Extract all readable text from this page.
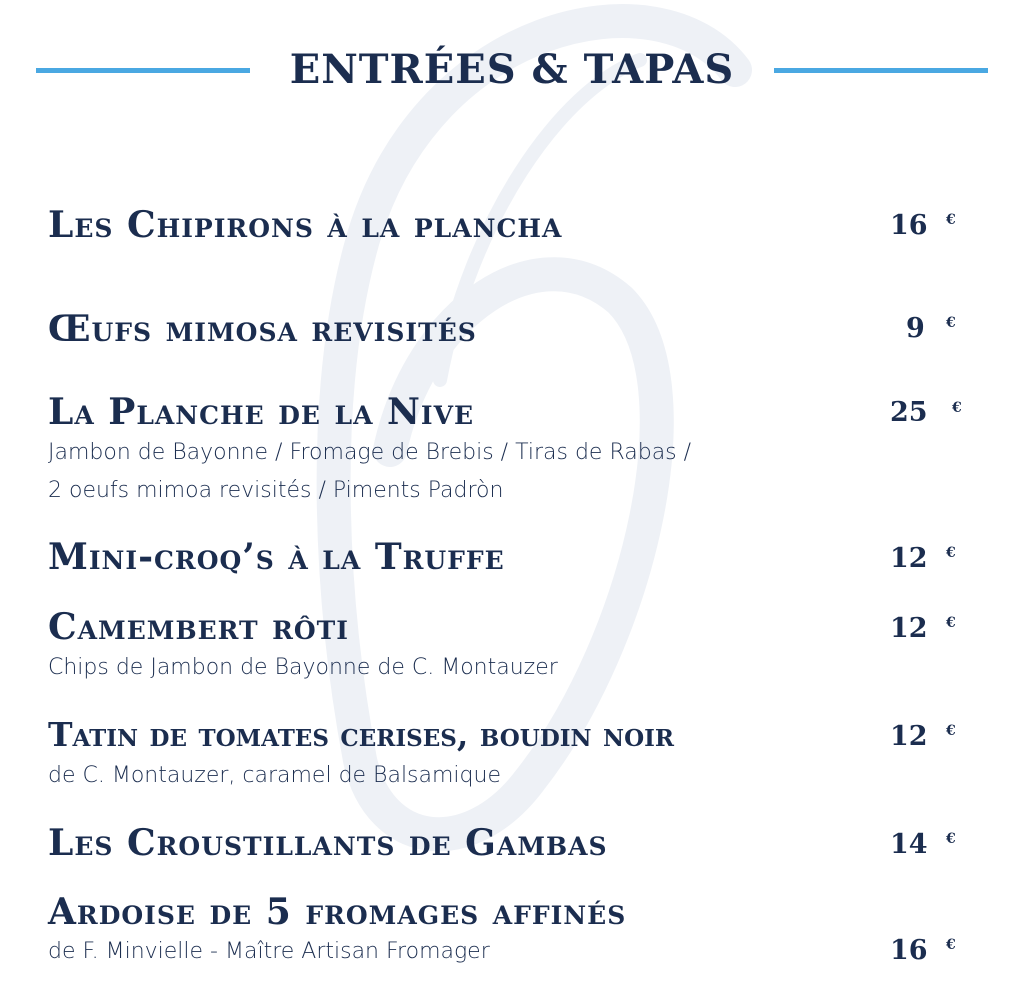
ENTRÉES & TAPAS
Les Chipirons à la plancha	16 €
Œufs mimosa revisités	9 €
La Planche de la Nive	25 €
Jambon de Bayonne / Fromage de Brebis / Tiras de Rabas /
2 oeufs mimoa revisités / Piments Padròn
Mini-croq’s à la Truffe	12 €
Camembert rôti	12 €
Chips de Jambon de Bayonne de C. Montauzer
Tatin de tomates cerises, boudin noir	12 €
de C. Montauzer, caramel de Balsamique
Les Croustillants de Gambas	14 €
Ardoise de 5 fromages affinés
de F. Minvielle - Maître Artisan Fromager	16 €
